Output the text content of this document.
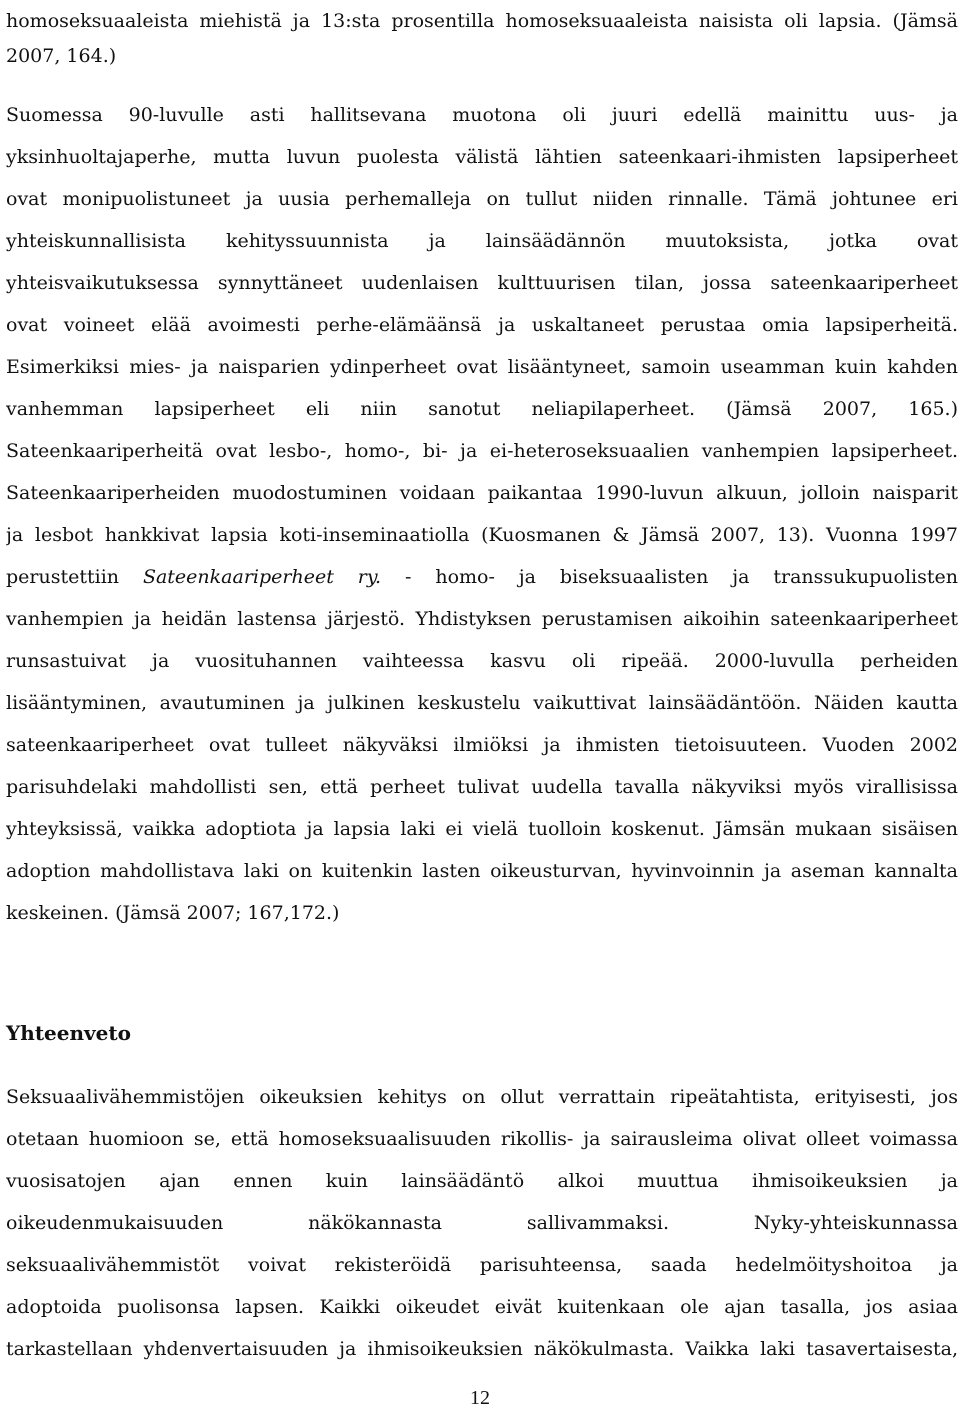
homoseksuaaleista miehistä ja 13:sta prosentilla homoseksuaaleista naisista oli lapsia. (Jämsä
2007, 164.)
Suomessa 90-luvulle asti hallitsevana muotona oli juuri edellä mainittu uus- ja
yksinhuoltajaperhe, mutta luvun puolesta välistä lähtien sateenkaari-ihmisten lapsiperheet
ovat monipuolistuneet ja uusia perhemalleja on tullut niiden rinnalle. Tämä johtunee eri
yhteiskunnallisista kehityssuunnista ja lainsäädännön muutoksista, jotka ovat
yhteisvaikutuksessa synnyttäneet uudenlaisen kulttuurisen tilan, jossa sateenkaariperheet
ovat voineet elää avoimesti perhe-elämäänsä ja uskaltaneet perustaa omia lapsiperheitä.
Esimerkiksi mies- ja naisparien ydinperheet ovat lisääntyneet, samoin useamman kuin kahden
vanhemman lapsiperheet eli niin sanotut neliapilaperheet. (Jämsä 2007, 165.)
Sateenkaariperheitä ovat lesbo-, homo-, bi- ja ei-heteroseksuaalien vanhempien lapsiperheet.
Sateenkaariperheiden muodostuminen voidaan paikantaa 1990-luvun alkuun, jolloin naisparit
ja lesbot hankkivat lapsia koti-inseminaatiolla (Kuosmanen & Jämsä 2007, 13). Vuonna 1997
perustettiin Sateenkaariperheet ry. - homo- ja biseksuaalisten ja transsukupuolisten
vanhempien ja heidän lastensa järjestö. Yhdistyksen perustamisen aikoihin sateenkaariperheet
runsastuivat ja vuosituhannen vaihteessa kasvu oli ripeää. 2000-luvulla perheiden
lisääntyminen, avautuminen ja julkinen keskustelu vaikuttivat lainsäädäntöön. Näiden kautta
sateenkaariperheet ovat tulleet näkyväksi ilmiöksi ja ihmisten tietoisuuteen. Vuoden 2002
parisuhdelaki mahdollisti sen, että perheet tulivat uudella tavalla näkyviksi myös virallisissa
yhteyksissä, vaikka adoptiota ja lapsia laki ei vielä tuolloin koskenut. Jämsän mukaan sisäisen
adoption mahdollistava laki on kuitenkin lasten oikeusturvan, hyvinvoinnin ja aseman kannalta
keskeinen. (Jämsä 2007; 167,172.)
Yhteenveto
Seksuaalivähemmistöjen oikeuksien kehitys on ollut verrattain ripeätahtista, erityisesti, jos
otetaan huomioon se, että homoseksuaalisuuden rikollis- ja sairausleima olivat olleet voimassa
vuosisatojen ajan ennen kuin lainsäädäntö alkoi muuttua ihmisoikeuksien ja
oikeudenmukaisuuden näkökannasta sallivammaksi. Nyky-yhteiskunnassa
seksuaalivähemmistöt voivat rekisteröidä parisuhteensa, saada hedelmöityshoitoa ja
adoptoida puolisonsa lapsen. Kaikki oikeudet eivät kuitenkaan ole ajan tasalla, jos asiaa
tarkastellaan yhdenvertaisuuden ja ihmisoikeuksien näkökulmasta. Vaikka laki tasavertaisesta,
12
